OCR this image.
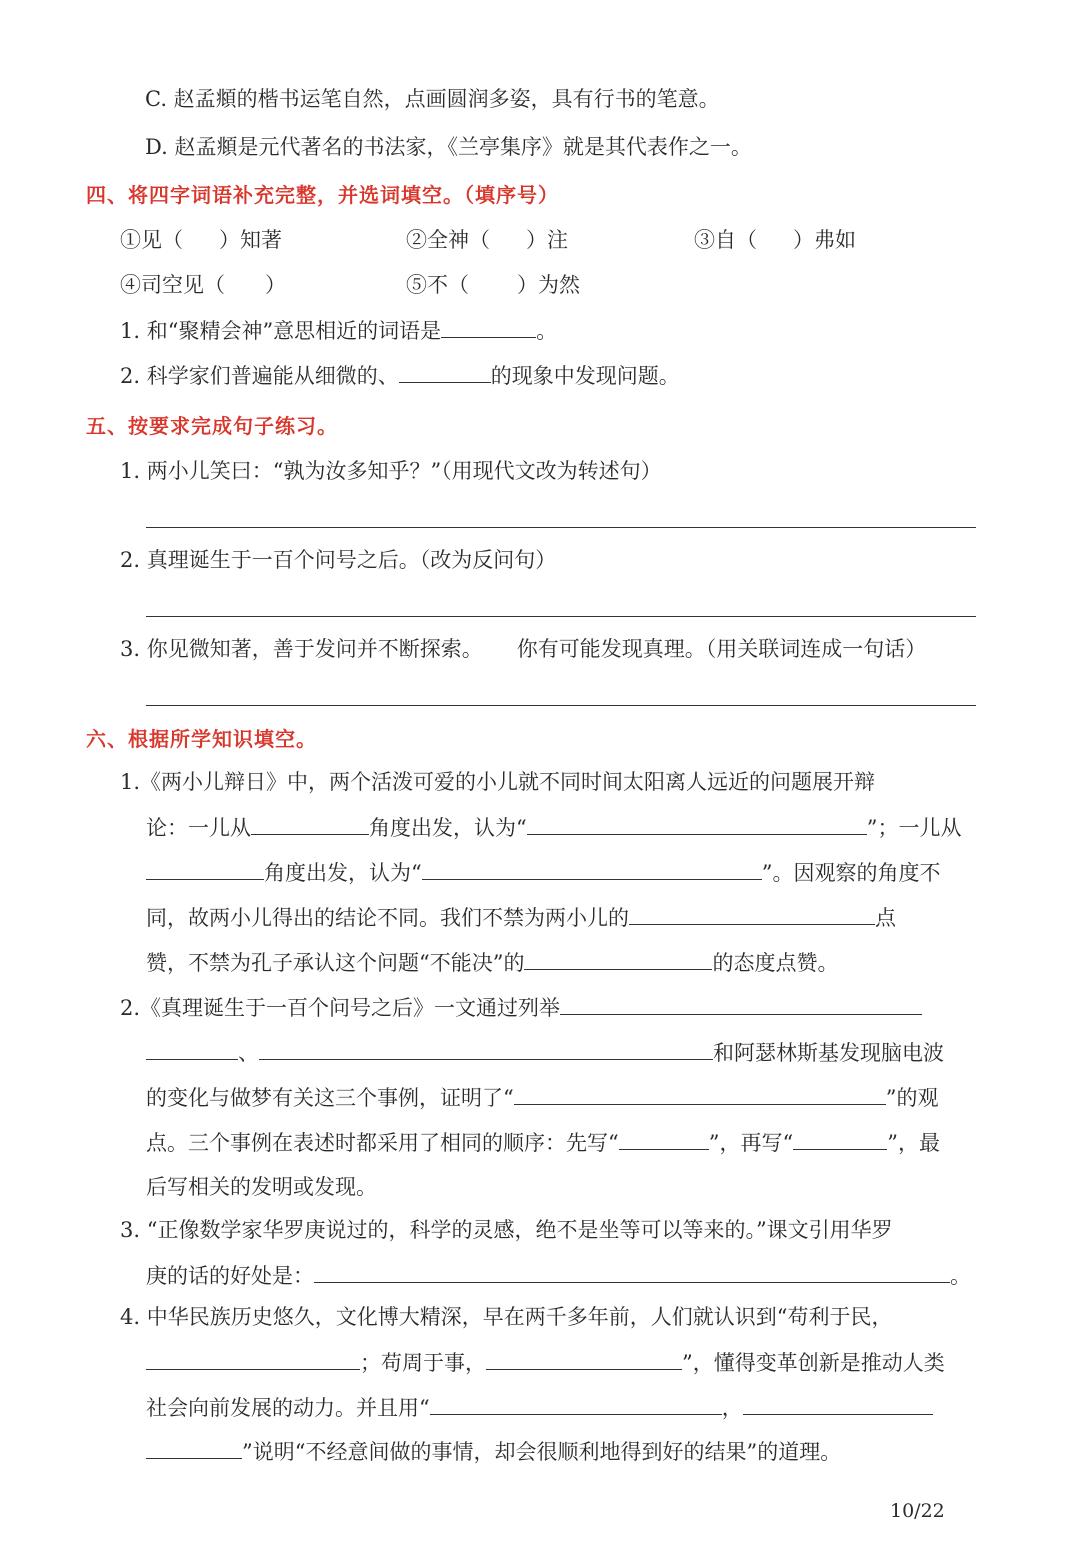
C. 赵孟頫的楷书运笔自然，点画圆润多姿，具有行书的笔意。
D. 赵孟頫是元代著名的书法家，《兰亭集序》就是其代表作之一。
四、将四字词语补充完整，并选词填空。（填序号）
①见（ ）知著	②全神（ ）注	③自（ ）弗如
④司空见（ ）	⑤不（ ）为然
1. 和“聚精会神”意思相近的词语是	。
2. 科学家们普遍能从细微的、	的现象中发现问题。
五、按要求完成句子练习。
1. 两小儿笑曰：“孰为汝多知乎？”（用现代文改为转述句）
2. 真理诞生于一百个问号之后。（改为反问句）
3. 你见微知著，善于发问并不断探索。 你有可能发现真理。（用关联词连成一句话）
六、根据所学知识填空。
1.《两小儿辩日》中，两个活泼可爱的小儿就不同时间太阳离人远近的问题展开辩
论：一儿从	角度出发，认为“	”；一儿从
角度出发，认为“	”。因观察的角度不
同，故两小儿得出的结论不同。我们不禁为两小儿的	点
赞，不禁为孔子承认这个问题“不能决”的	的态度点赞。
2.《真理诞生于一百个问号之后》一文通过列举
、	和阿瑟林斯基发现脑电波
的变化与做梦有关这三个事例，证明了“	”的观
点。三个事例在表述时都采用了相同的顺序：先写“	”，再写“	”，最
后写相关的发明或发现。
3. “正像数学家华罗庚说过的，科学的灵感，绝不是坐等可以等来的。”课文引用华罗
庚的话的好处是：	。
4. 中华民族历史悠久，文化博大精深，早在两千多年前，人们就认识到“苟利于民，
；苟周于事，	”，懂得变革创新是推动人类
社会向前发展的动力。并且用“	，
”说明“不经意间做的事情，却会很顺利地得到好的结果”的道理。
10/22
